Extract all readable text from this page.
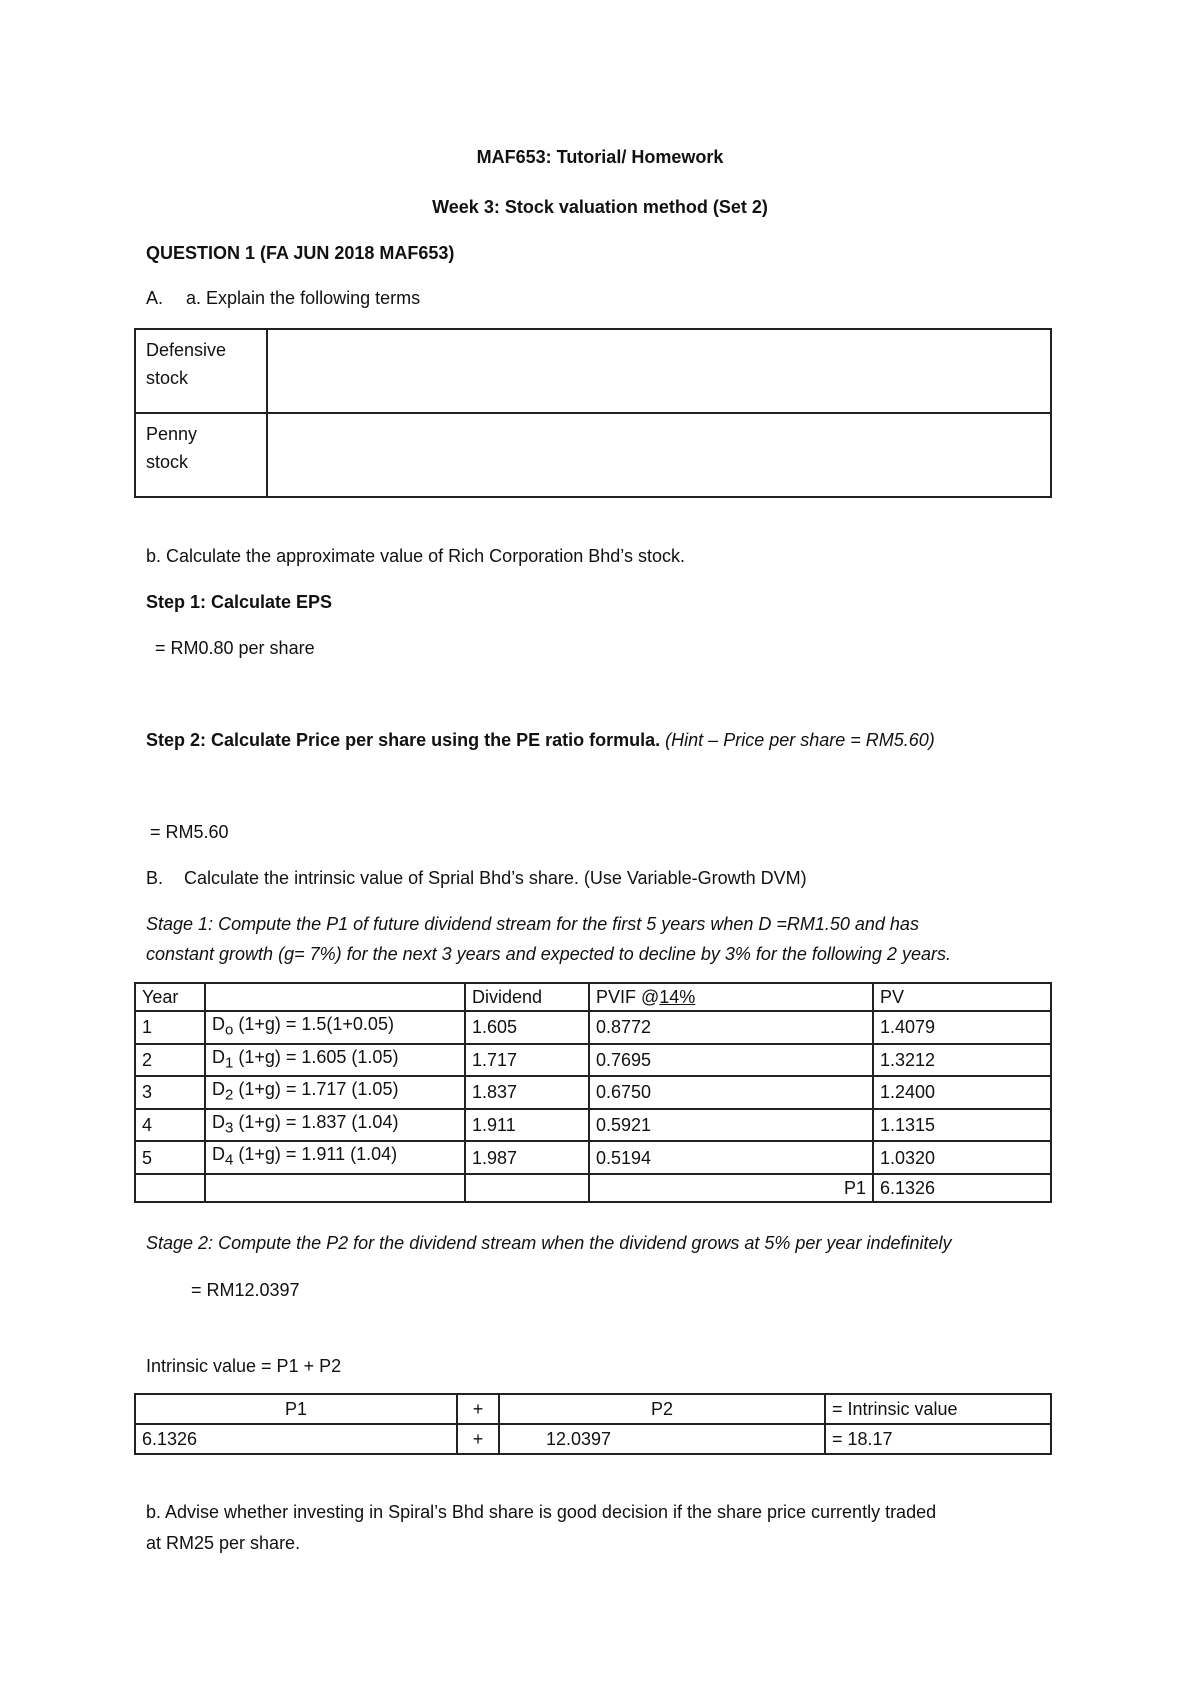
MAF653: Tutorial/ Homework
Week 3: Stock valuation method (Set 2)
QUESTION 1 (FA JUN 2018 MAF653)
A. a. Explain the following terms
Defensive
stock	

Penny
stock	

b. Calculate the approximate value of Rich Corporation Bhd’s stock.
Step 1: Calculate EPS
= RM0.80 per share
Step 2: Calculate Price per share using the PE ratio formula. (Hint – Price per share = RM5.60)
= RM5.60
B. Calculate the intrinsic value of Sprial Bhd’s share. (Use Variable-Growth DVM)
Stage 1: Compute the P1 of future dividend stream for the first 5 years when D =RM1.50 and has
constant growth (g= 7%) for the next 3 years and expected to decline by 3% for the following 2 years.
Year		Dividend	PVIF @14%	PV
1	$D_o$ (1+g) = 1.5(1+0.05)	1.605	0.8772	1.4079
2	$D_1$ (1+g) = 1.605 (1.05)	1.717	0.7695	1.3212
3	$D_2$ (1+g) = 1.717 (1.05)	1.837	0.6750	1.2400
4	$D_3$ (1+g) = 1.837 (1.04)	1.911	0.5921	1.1315
5	$D_4$ (1+g) = 1.911 (1.04)	1.987	0.5194	1.0320
			P1	6.1326
Stage 2: Compute the P2 for the dividend stream when the dividend grows at 5% per year indefinitely
= RM12.0397
Intrinsic value = P1 + P2
P1	+	P2	= Intrinsic value
6.1326	+	12.0397	= 18.17
b. Advise whether investing in Spiral’s Bhd share is good decision if the share price currently traded
at RM25 per share.
